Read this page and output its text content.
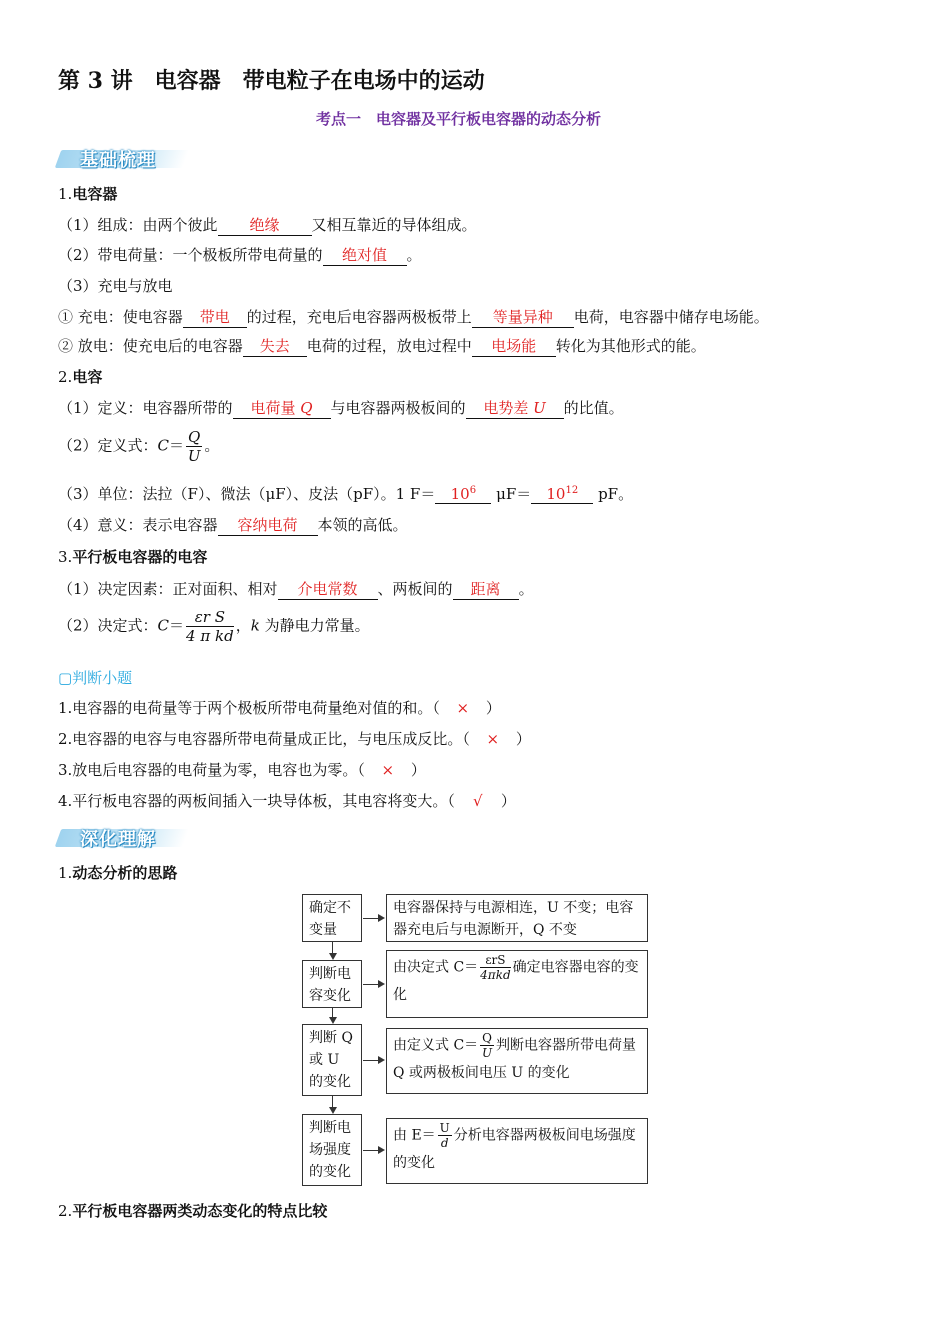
第 3 讲　电容器　带电粒子在电场中的运动
考点一　电容器及平行板电容器的动态分析
基础梳理
1.电容器
（1）组成：由两个彼此 绝缘 又相互靠近的导体组成。
（2）带电荷量：一个极板所带电荷量的 绝对值 。
（3）充电与放电
① 充电：使电容器 带电 的过程，充电后电容器两极板带上 等量异种 电荷，电容器中储存电场能。
② 放电：使充电后的电容器 失去 电荷的过程，放电过程中 电场能 转化为其他形式的能。
2.电容
（1）定义：电容器所带的 电荷量 Q 与电容器两极板间的 电势差 U 的比值。
（2）定义式：$C= \frac{Q}{U}$ 。
（3）单位：法拉（F）、微法（μF）、皮法（pF）。1 $F= 10^6$ $\mu F= 10^{12}$ pF。
（4）意义：表示电容器 容纳电荷 本领的高低。
3.平行板电容器的电容
（1）决定因素：正对面积、相对 介电常数 、两板间的 距离 。
（2）决定式：$C= \frac{\text{εr S}}{\text{4 π kd}}$ ，k 为静电力常量。
▢判断小题
1.电容器的电荷量等于两个极板所带电荷量绝对值的和。（ × ）
2.电容器的电容与电容器所带电荷量成正比，与电压成反比。（ × ）
3.放电后电容器的电荷量为零，电容也为零。（ × ）
4.平行板电容器的两板间插入一块导体板，其电容将变大。（ √ ）
深化理解
1.动态分析的思路
确定不变量
判断电容变化
判断 Q 或 U 的变化
判断电场强度的变化
电容器保持与电源相连，U 不变；电容器充电后与电源断开，Q 不变
由决定式 $C= \frac{\text{εrS}}{\text{4πkd}}$ 确定电容器电容的变化
由定义式 $C= \frac{Q}{U}$ 判断电容器所带电荷量 Q 或两极板间电压 U 的变化
由 $E= \frac{U}{d}$ 分析电容器两极板间电场强度的变化
2.平行板电容器两类动态变化的特点比较
